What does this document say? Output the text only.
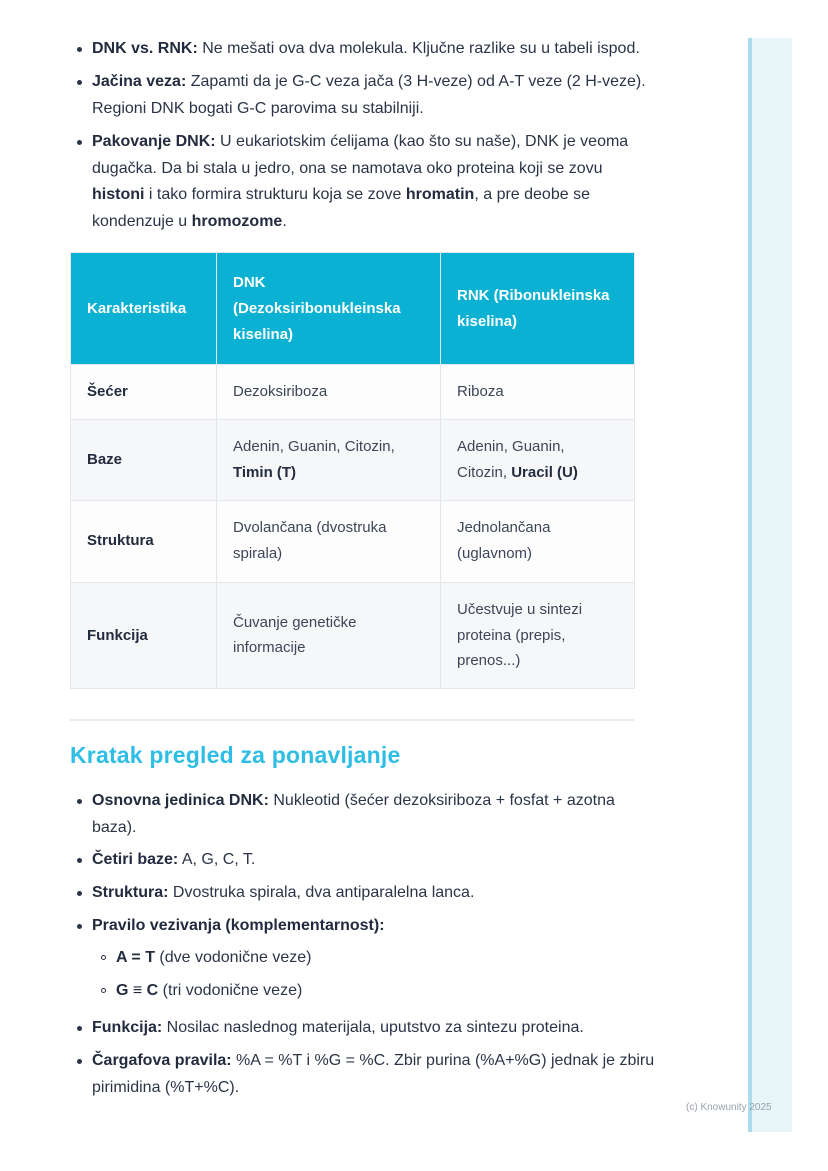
DNK vs. RNK: Ne mešati ova dva molekula. Ključne razlike su u tabeli ispod.
Jačina veza: Zapamti da je G-C veza jača (3 H-veze) od A-T veze (2 H-veze). Regioni DNK bogati G-C parovima su stabilniji.
Pakovanje DNK: U eukariotskim ćelijama (kao što su naše), DNK je veoma dugačka. Da bi stala u jedro, ona se namotava oko proteina koji se zovu histoni i tako formira strukturu koja se zove hromatin, a pre deobe se kondenzuje u hromozome.
Karakteristika	DNK (Dezoksiribonukleinska kiselina)	RNK (Ribonukleinska kiselina)
Šećer	Dezoksiriboza	Riboza
Baze	Adenin, Guanin, Citozin, Timin (T)	Adenin, Guanin, Citozin, Uracil (U)
Struktura	Dvolančana (dvostruka spirala)	Jednolančana (uglavnom)
Funkcija	Čuvanje genetičke informacije	Učestvuje u sintezi proteina (prepis, prenos...)
Kratak pregled za ponavljanje
Osnovna jedinica DNK: Nukleotid (šećer dezoksiriboza + fosfat + azotna baza).
Četiri baze: A, G, C, T.
Struktura: Dvostruka spirala, dva antiparalelna lanca.
Pravilo vezivanja (komplementarnost):
A = T (dve vodonične veze)
G ≡ C (tri vodonične veze)
Funkcija: Nosilac naslednog materijala, uputstvo za sintezu proteina.
Čargafova pravila: %A = %T i %G = %C. Zbir purina (%A+%G) jednak je zbiru pirimidina (%T+%C).
(c) Knowunity 2025
